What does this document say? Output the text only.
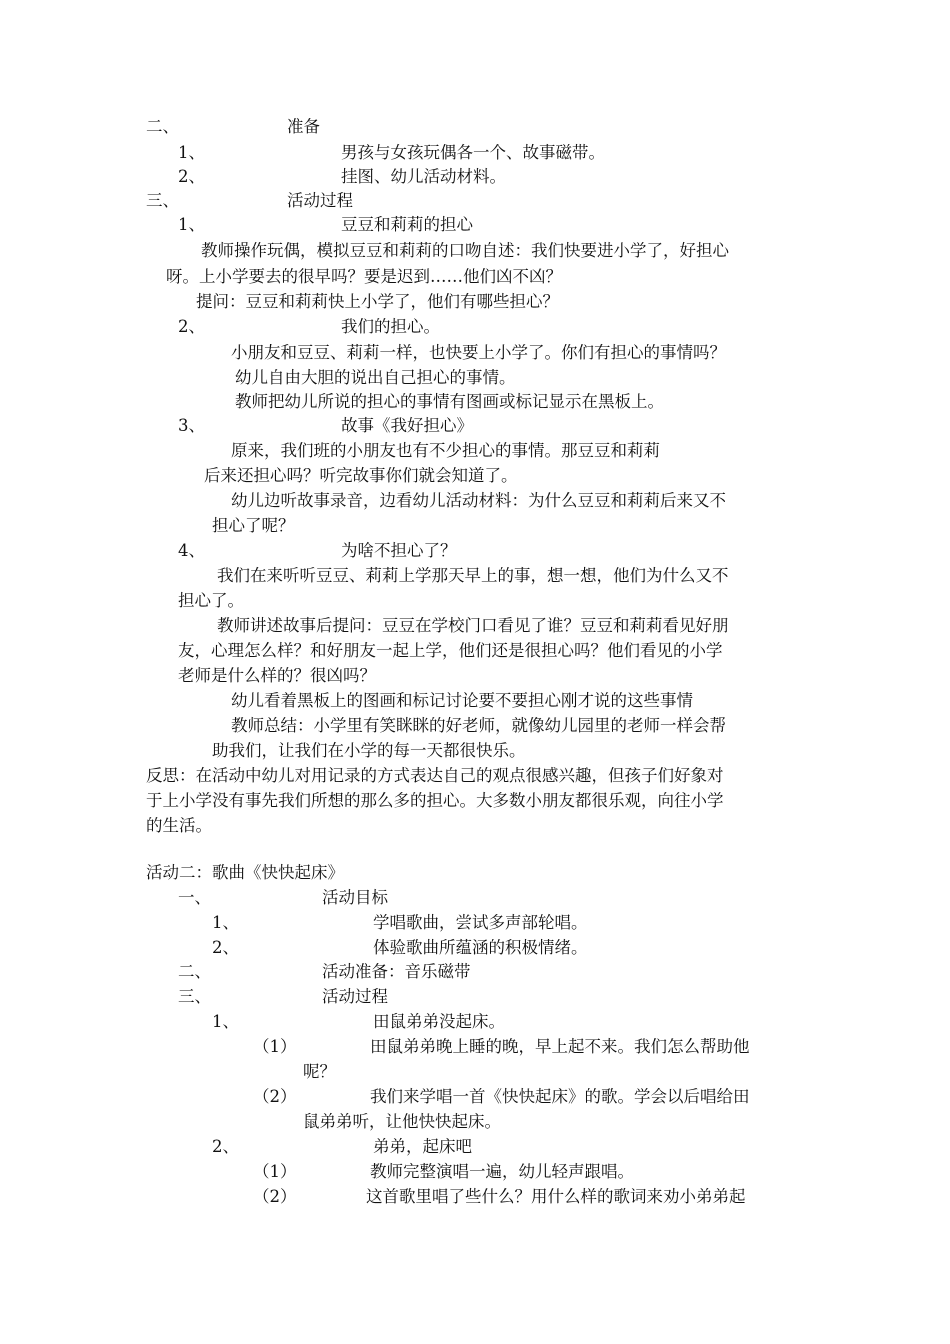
二、	准备
1、	男孩与女孩玩偶各一个、故事磁带。
2、	挂图、幼儿活动材料。
三、	活动过程
1、	豆豆和莉莉的担心
教师操作玩偶，模拟豆豆和莉莉的口吻自述：我们快要进小学了，好担心
呀。上小学要去的很早吗？要是迟到……他们凶不凶？
提问：豆豆和莉莉快上小学了，他们有哪些担心？
2、	我们的担心。
小朋友和豆豆、莉莉一样，也快要上小学了。你们有担心的事情吗？
幼儿自由大胆的说出自己担心的事情。
教师把幼儿所说的担心的事情有图画或标记显示在黑板上。
3、	故事《我好担心》
原来，我们班的小朋友也有不少担心的事情。那豆豆和莉莉
后来还担心吗？听完故事你们就会知道了。
幼儿边听故事录音，边看幼儿活动材料：为什么豆豆和莉莉后来又不
担心了呢？
4、	为啥不担心了？
我们在来听听豆豆、莉莉上学那天早上的事，想一想，他们为什么又不
担心了。
教师讲述故事后提问：豆豆在学校门口看见了谁？豆豆和莉莉看见好朋
友，心理怎么样？和好朋友一起上学，他们还是很担心吗？他们看见的小学
老师是什么样的？很凶吗？
幼儿看着黑板上的图画和标记讨论要不要担心刚才说的这些事情
教师总结：小学里有笑眯眯的好老师，就像幼儿园里的老师一样会帮
助我们，让我们在小学的每一天都很快乐。
反思：在活动中幼儿对用记录的方式表达自己的观点很感兴趣，但孩子们好象对
于上小学没有事先我们所想的那么多的担心。大多数小朋友都很乐观，向往小学
的生活。
活动二：歌曲《快快起床》
一、	活动目标
1、	学唱歌曲，尝试多声部轮唱。
2、	体验歌曲所蕴涵的积极情绪。
二、	活动准备：音乐磁带
三、	活动过程
1、	田鼠弟弟没起床。
（1）	田鼠弟弟晚上睡的晚，早上起不来。我们怎么帮助他
呢？
（2）	我们来学唱一首《快快起床》的歌。学会以后唱给田
鼠弟弟听，让他快快起床。
2、	弟弟，起床吧
（1）	教师完整演唱一遍，幼儿轻声跟唱。
（2）	这首歌里唱了些什么？用什么样的歌词来劝小弟弟起
